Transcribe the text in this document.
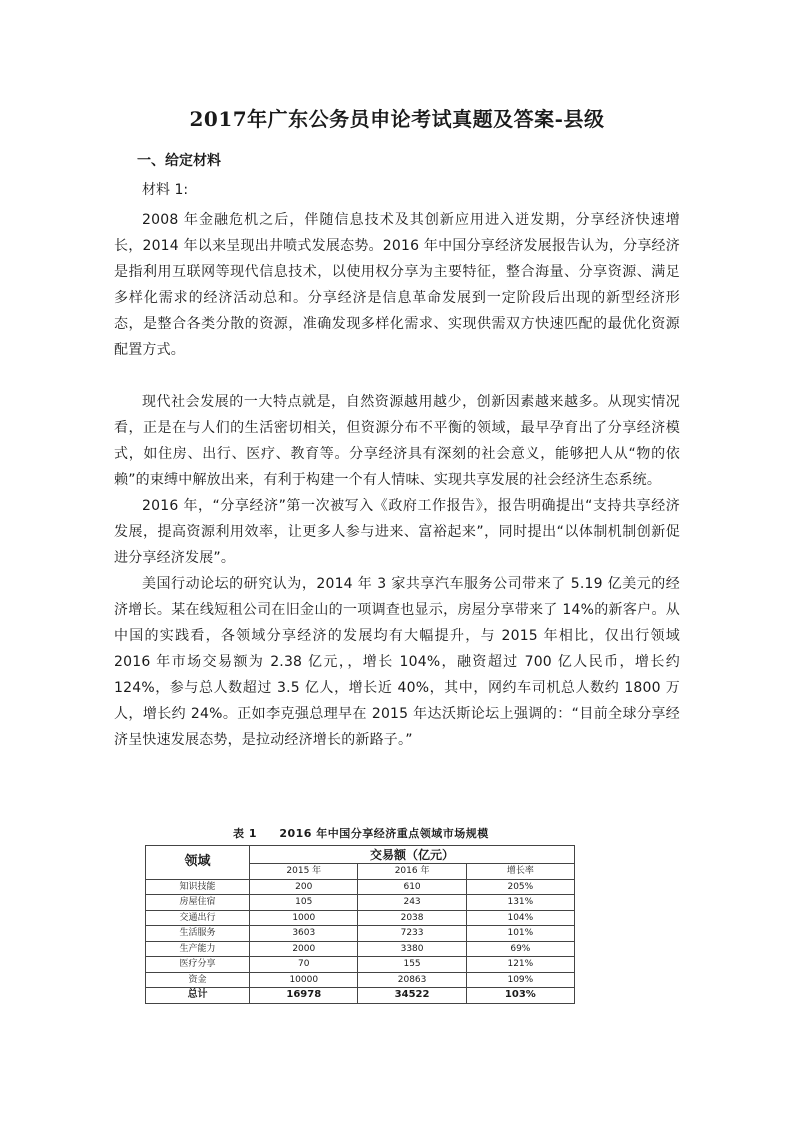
2017年广东公务员申论考试真题及答案-县级
一、给定材料
材料 1:

2008 年金融危机之后，伴随信息技术及其创新应用进入迸发期，分享经济快速增长，2014 年以来呈现出井喷式发展态势。2016 年中国分享经济发展报告认为，分享经济是指利用互联网等现代信息技术，以使用权分享为主要特征，整合海量、分享资源、满足多样化需求的经济活动总和。分享经济是信息革命发展到一定阶段后出现的新型经济形态，是整合各类分散的资源，准确发现多样化需求、实现供需双方快速匹配的最优化资源配置方式。

现代社会发展的一大特点就是，自然资源越用越少，创新因素越来越多。从现实情况看，正是在与人们的生活密切相关，但资源分布不平衡的领域，最早孕育出了分享经济模式，如住房、出行、医疗、教育等。分享经济具有深刻的社会意义，能够把人从“物的依赖”的束缚中解放出来，有利于构建一个有人情味、实现共享发展的社会经济生态系统。

2016 年，“分享经济”第一次被写入《政府工作报告》，报告明确提出“支持共享经济发展，提高资源利用效率，让更多人参与进来、富裕起来”，同时提出“以体制机制创新促进分享经济发展”。

美国行动论坛的研究认为，2014 年 3 家共享汽车服务公司带来了 5.19 亿美元的经济增长。某在线短租公司在旧金山的一项调查也显示，房屋分享带来了 14%的新客户。从中国的实践看，各领域分享经济的发展均有大幅提升，与 2015 年相比，仅出行领域 2016 年市场交易额为 2.38 亿元，，增长 104%，融资超过 700 亿人民币，增长约 124%，参与总人数超过 3.5 亿人，增长近 40%，其中，网约车司机总人数约 1800 万人，增长约 24%。正如李克强总理早在 2015 年达沃斯论坛上强调的：“目前全球分享经济呈快速发展态势，是拉动经济增长的新路子。”

表 1 2016 年中国分享经济重点领域市场规模
领域	交易额（亿元）		
	2015 年	2016 年	增长率
知识技能	200	610	205%
房屋住宿	105	243	131%
交通出行	1000	2038	104%
生活服务	3603	7233	101%
生产能力	2000	3380	69%
医疗分享	70	155	121%
资金	10000	20863	109%
总计	16978	34522	103%
